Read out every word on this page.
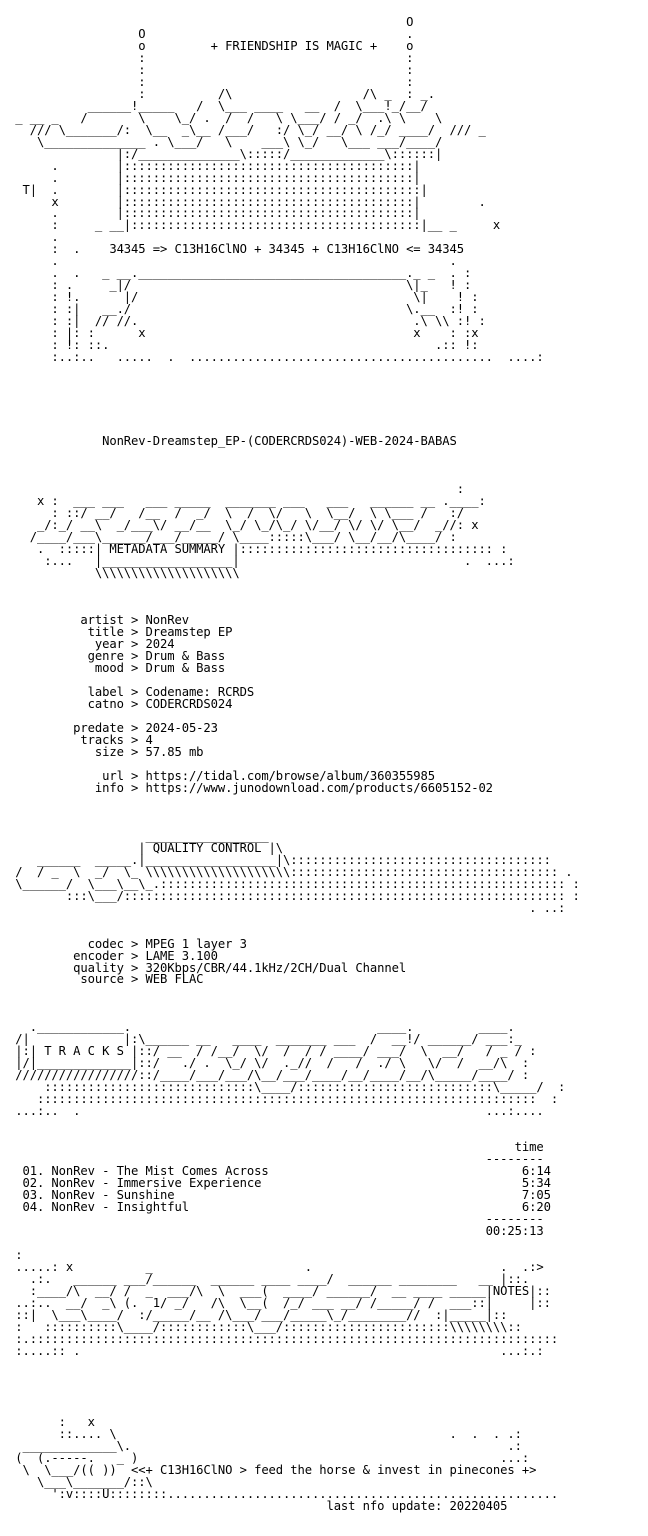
O
O                                    .
o         + FRIENDSHIP IS MAGIC +    o
:                                    :
:                                    :
:                                    :
:          /\                  /\ _  : _.
______!_____   /  \___ ____   __  /  \___!_/__/
_ __ _   /       \    \_/ .  /  /   \ \___/ / _/  .\ \    \
/// \_______/:  \__  _\__ /___/   :/ \_/ __/ \ /_/ ____/  /// _
\______________ . \___/   \    ___\ \_/   \___ ___/____/
|:/______________\:::::/_____________\::::::|
.        |::::::::::::::::::::::::::::::::::::::::|
.        |::::::::::::::::::::::::::::::::::::::::|
T|  .        |:::::::::::::::::::::::::::::::::::::::::|
x        |::::::::::::::::::::::::::::::::::::::::|        .
.        |::::::::::::::::::::::::::::::::::::::::|
:     _ __|::::::::::::::::::::::::::::::::::::::::|__ _     x
.
:  .    34345 => C13H16ClNO + 34345 + C13H16ClNO <= 34345
.                                                      .
.  .   _ __._____________________________________._ _  . :
: .     _|/                                      \|_   ! :
: !.      |/                                      \|    ! :
: :|   __./                                      \.__  :! :
: :|  // //.                                      .\ \\ :! :
: |: :      x                                     x    : :x
: !: ::.                                             .:: !:
:..:..   .....  .  ..........................................  ....:
NonRev-Dreamstep_EP-(CODERCRDS024)-WEB-2024-BABAS
:
x :  ___ ___   ___ _____  _______ ___   ___   ______ __ .____:
: ::/ __/   /__  /  _/  \  /  \/   \  \__/  \ \___ /   :/
_/:_/ __\  _/___\/ __/__  \_/ \_/\_/ \/__/ \/ \/ \__/  _//: x
/____/___\______/___/_____/ \____:::::\___/ \__/__/\____/ :
.  :::::| METADATA SUMMARY |::::::::::::::::::::::::::::::::::: :
:...   |__________________|                               .  ...:
\\\\\\\\\\\\\\\\\\\\
artist > NonRev
title > Dreamstep EP
year > 2024
genre > Drum & Bass
mood > Drum & Bass
label > Codename: RCRDS
catno > CODERCRDS024
predate > 2024-05-23
tracks > 4
size > 57.85 mb
url > https://tidal.com/browse/album/360355985
info > https://www.junodownload.com/products/6605152-02
_________________
| QUALITY CONTROL |\
______  _____.|__________________|\::::::::::::::::::::::::::::::::::::
/  / _  \  _/  \_ \\\\\\\\\\\\\\\\\\\\::::::::::::::::::::::::::::::::::::: .
\______/  \___\__\_.:::::::::::::::::::::::::::::::::::::::::::::::::::::::: :
:::\___/::::::::::::::::::::::::::::::::::::::::::::::::::::::::::::: :
. ..:
codec > MPEG 1 layer 3
encoder > LAME 3.100
quality > 320Kbps/CBR/44.1kHz/2CH/Dual Channel
source > WEB FLAC
.____________.                                  ____.         ____.
/|             |:\______ __   ____  _______ ___  /  __!/ ______/ ___:_
|:| T R A C K S |::/ __  / /__/  \/  /  / / ____/ ___/  \  __/   / _ / :
|/|_____________|::/   ./ .  \_/ \/  ._//  /   /  ./ \   \/  /  __/\  :
/////////////////::/____/___/___/\__/___/____/__/____/__/\_____/____/ :
:::::::::::::::::::::::::::::\____/:::::::::::::::::::::::::::\_____/  :
:::::::::::::::::::::::::::::::::::::::::::::::::::::::::::::::::::::  :
...:..  .                                                        ...:....
time
--------
01. NonRev - The Mist Comes Across                                   6:14
02. NonRev - Immersive Experience                                    5:34
03. NonRev - Sunshine                                                7:05
04. NonRev - Insightful                                              6:20
--------
00:25:13
:
.....: x          _                     .                          .  .:>
.:.   ______ ___/______  ______ ____ ____/  ______ ________   __ |::.
:____/\  __/ /  _  ___/\  \  ___(  ____/ ______/  __ ____ _____|NOTES|::
..:..  __/  _\ (.  1/ _/   /\  \__(  /_/ ___ __/ /_____/ /  ___::|     |::
::|  \___\____/  :/_____/__ /\___/___/_____\_/________//  :|_____|::
:   ::::::::::\____/::::::::::::\___/:::::::::::::::::::::::\\\\\\\\::
:.:::::::::::::::::::::::::::::::::::::::::::::::::::::::::::::::::::::::::
:....:: .                                                          ...:.:
:   x
::.... \                                              .  .  . .:
_____________\.                                                    .:
(  (.-----.   _ )                                                  ...:
\  \___/(( ))  <<+ C13H16ClNO > feed the horse & invest in pinecones +>
\___\_______/::\
':v::::U::::::::......................................................
last nfo update: 20220405
